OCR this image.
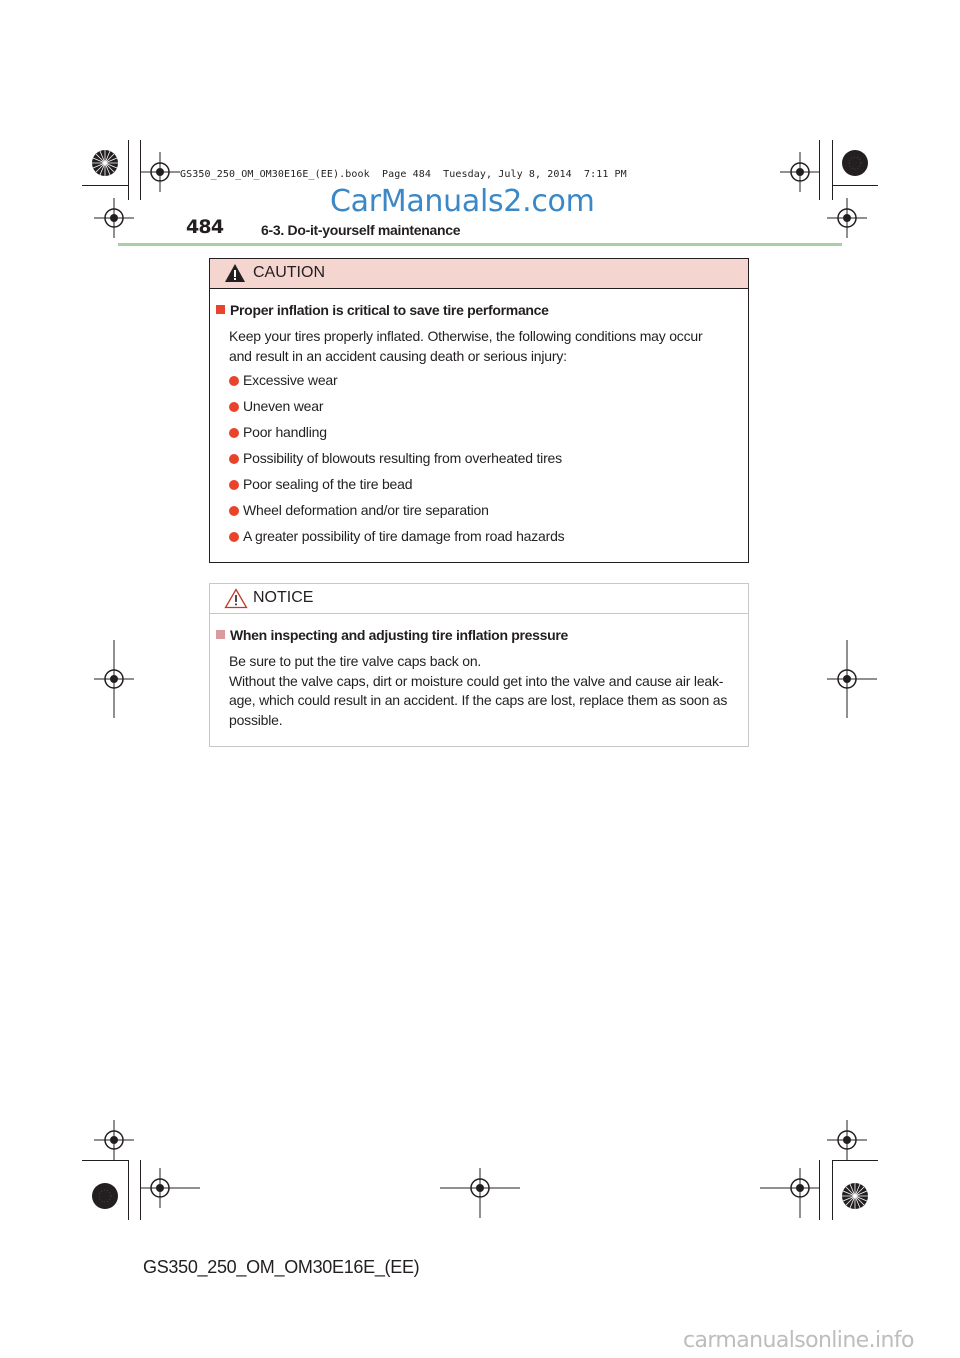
GS350_250_OM_OM30E16E_(EE).book  Page 484  Tuesday, July 8, 2014  7:11 PM
CarManuals2.com
484	6-3. Do-it-yourself maintenance
CAUTION
Proper inflation is critical to save tire performance
Keep your tires properly inflated. Otherwise, the following conditions may occur
and result in an accident causing death or serious injury:
Excessive wear
Uneven wear
Poor handling
Possibility of blowouts resulting from overheated tires
Poor sealing of the tire bead
Wheel deformation and/or tire separation
A greater possibility of tire damage from road hazards
NOTICE
When inspecting and adjusting tire inflation pressure
Be sure to put the tire valve caps back on.
Without the valve caps, dirt or moisture could get into the valve and cause air leak-
age, which could result in an accident. If the caps are lost, replace them as soon as
possible.
GS350_250_OM_OM30E16E_(EE)
carmanualsonline.info
